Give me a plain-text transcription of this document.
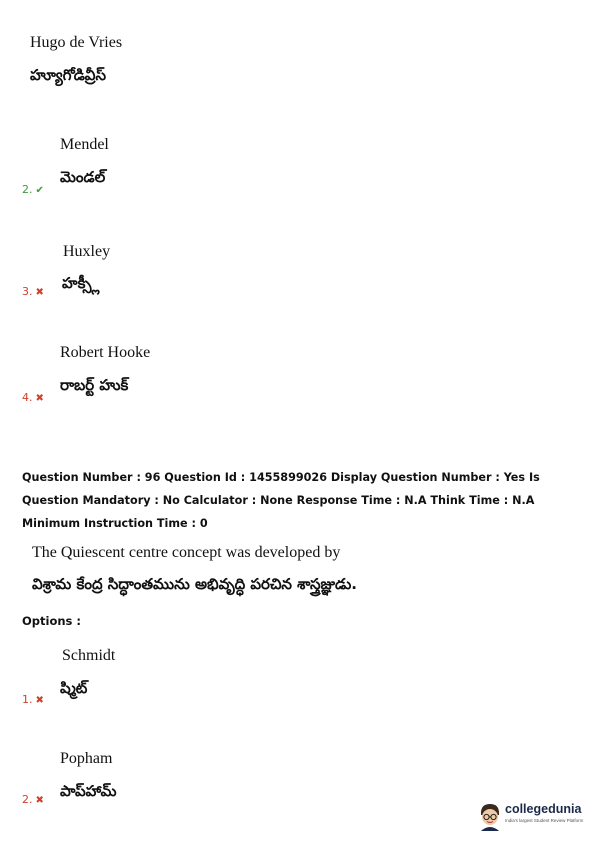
Hugo de Vries
హ్యూగోడివ్రీస్
Mendel
మెండల్
2. ✔
Huxley
హక్స్లీ
3. ✖
Robert Hooke
రాబర్ట్ హుక్
4. ✖
Question Number : 96 Question Id : 1455899026 Display Question Number : Yes Is Question Mandatory : No Calculator : None Response Time : N.A Think Time : N.A Minimum Instruction Time : 0
The Quiescent centre concept was developed by
విశ్రామ కేంద్ర సిద్ధాంతమును అభివృద్ధి పరచిన శాస్త్రజ్ఞుడు.
Options :
Schmidt
ష్మిట్
1. ✖
Popham
పాప్‌హామ్
2. ✖
collegedunia
India's largest Student Review Platform
